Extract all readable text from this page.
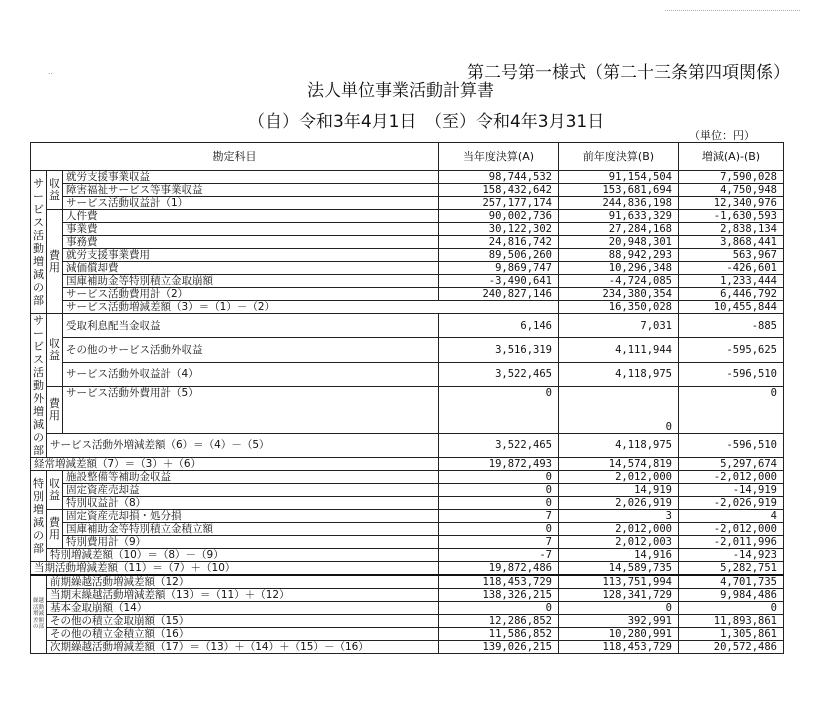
··	第二号第一様式（第二十三条第四項関係）
法人単位事業活動計算書
（自）令和3年4月1日　（至）令和4年3月31日
（単位：円）
勘定科目			当年度決算(A)	前年度決算(B)	増減(A)-(B)	
サービス活動増減の部	収益	就労支援事業収益	98,744,532	91,154,504	7,590,028	
		障害福祉サービス等事業収益	158,432,642	153,681,694	4,750,948	
		サービス活動収益計（1）	257,177,174	244,836,198	12,340,976	
	費用	人件費	90,002,736	91,633,329	-1,630,593	
		事業費	30,122,302	27,284,168	2,838,134	
		事務費	24,816,742	20,948,301	3,868,441	
		就労支援事業費用	89,506,260	88,942,293	563,967	
		減価償却費	9,869,747	10,296,348	-426,601	
		国庫補助金等特別積立金取崩額	-3,490,641	-4,724,085	1,233,444	
		サービス活動費用計（2）	240,827,146	234,380,354	6,446,792	
		サービス活動増減差額（3）＝（1）－（2）		16,350,028	10,455,844	
サービス活動外増減の部	収益	受取利息配当金収益	6,146	7,031	-885	
		その他のサービス活動外収益	3,516,319	4,111,944	-595,625	
		サービス活動外収益計（4）	3,522,465	4,118,975	-596,510	
	費用	サービス活動外費用計（5）	0	0	0	
	サービス活動外増減差額（6）＝（4）－（5）		3,522,465	4,118,975	-596,510	
経常増減差額（7）＝（3）＋（6）			19,872,493	14,574,819	5,297,674	
特別増減の部	収益	施設整備等補助金収益	0	2,012,000	-2,012,000	
		固定資産売却益	0	14,919	-14,919	
		特別収益計（8）	0	2,026,919	-2,026,919	
	費用	固定資産売却損・処分損	7	3	4	
		国庫補助金等特別積立金積立額	0	2,012,000	-2,012,000	
		特別費用計（9）	7	2,012,003	-2,011,996	
	特別増減差額（10）＝（8）－（9）		-7	14,916	-14,923	
当期活動増減差額（11）＝（7）＋（10）			19,872,486	14,589,735	5,282,751	
繰越活動増減差額の部	前期繰越活動増減差額（12）		118,453,729	113,751,994	4,701,735	
	当期末繰越活動増減差額（13）＝（11）＋（12）		138,326,215	128,341,729	9,984,486	
	基本金取崩額（14）		0	0	0	
	その他の積立金取崩額（15）		12,286,852	392,991	11,893,861	
	その他の積立金積立額（16）		11,586,852	10,280,991	1,305,861	
	次期繰越活動増減差額（17）＝（13）＋（14）＋（15）－（16）		139,026,215	118,453,729	20,572,486	
